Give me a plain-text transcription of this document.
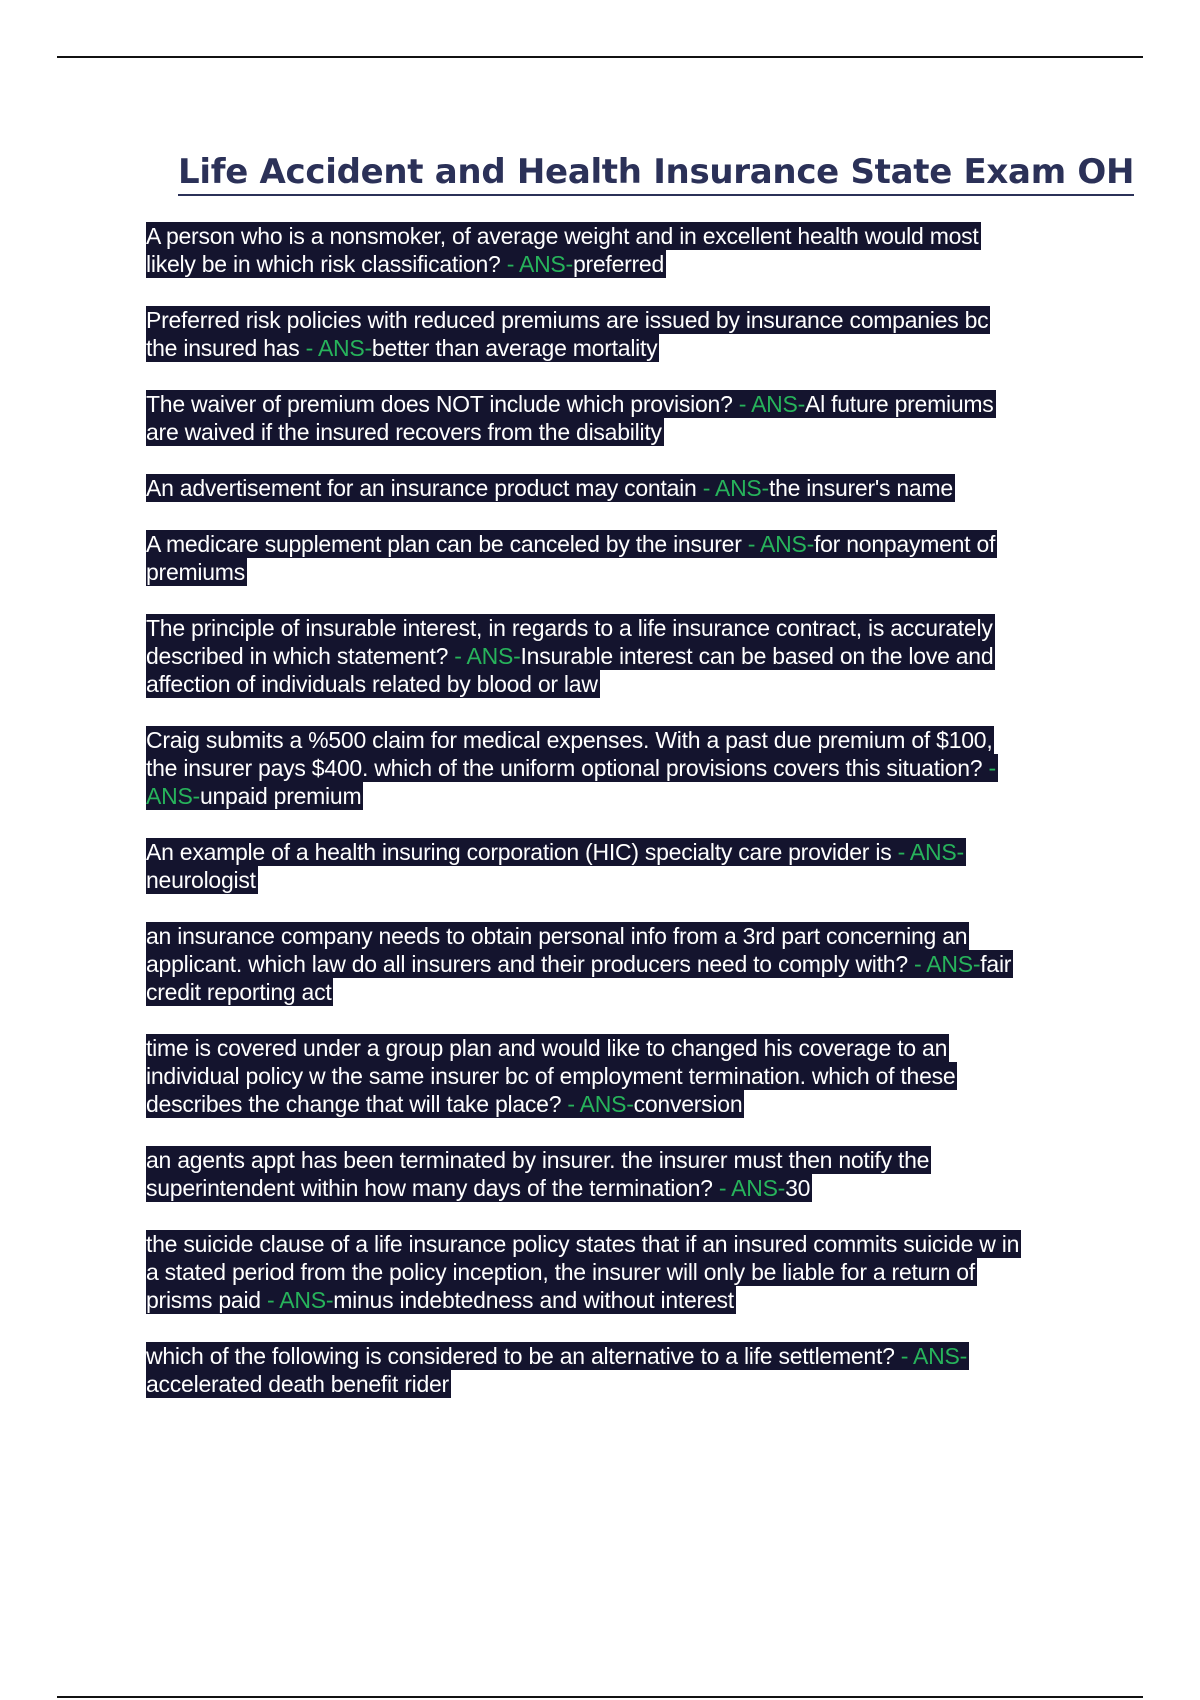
Life Accident and Health Insurance State Exam OH
A person who is a nonsmoker, of average weight and in excellent health would most
likely be in which risk classification? - ANS-preferred
Preferred risk policies with reduced premiums are issued by insurance companies bc
the insured has - ANS-better than average mortality
The waiver of premium does NOT include which provision? - ANS-Al future premiums
are waived if the insured recovers from the disability
An advertisement for an insurance product may contain - ANS-the insurer's name
A medicare supplement plan can be canceled by the insurer - ANS-for nonpayment of
premiums
The principle of insurable interest, in regards to a life insurance contract, is accurately
described in which statement? - ANS-Insurable interest can be based on the love and
affection of individuals related by blood or law
Craig submits a %500 claim for medical expenses. With a past due premium of $100,
the insurer pays $400. which of the uniform optional provisions covers this situation? -
ANS-unpaid premium
An example of a health insuring corporation (HIC) specialty care provider is - ANS-
neurologist
an insurance company needs to obtain personal info from a 3rd part concerning an
applicant. which law do all insurers and their producers need to comply with? - ANS-fair
credit reporting act
time is covered under a group plan and would like to changed his coverage to an
individual policy w the same insurer bc of employment termination. which of these
describes the change that will take place? - ANS-conversion
an agents appt has been terminated by insurer. the insurer must then notify the
superintendent within how many days of the termination? - ANS-30
the suicide clause of a life insurance policy states that if an insured commits suicide w in
a stated period from the policy inception, the insurer will only be liable for a return of
prisms paid - ANS-minus indebtedness and without interest
which of the following is considered to be an alternative to a life settlement? - ANS-
accelerated death benefit rider
